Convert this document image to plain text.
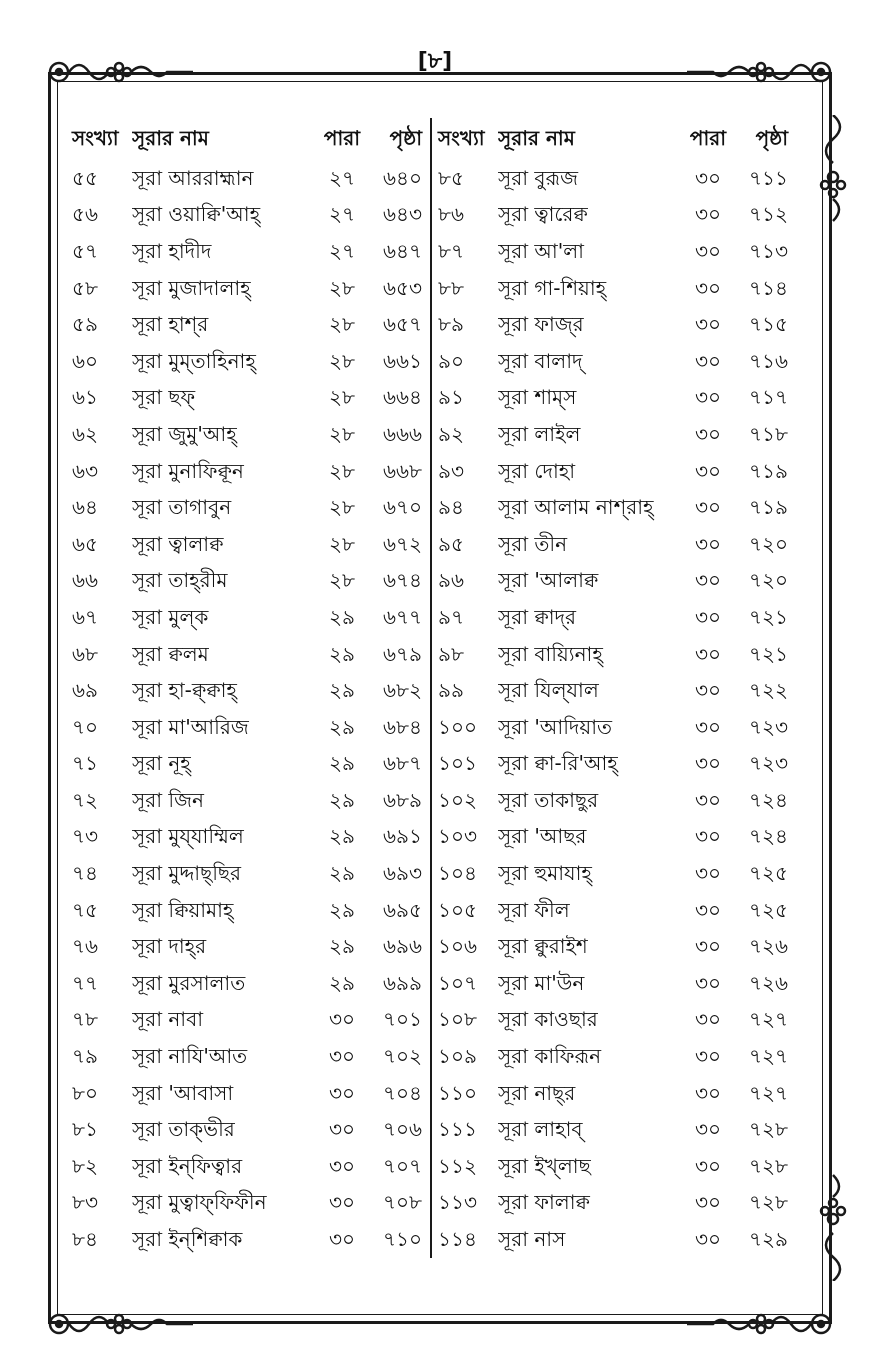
[৮]
সংখ্যা সূরার নাম	পারা	পৃষ্ঠা
৫৫	সূরা আররাহ্মান	২৭	৬৪০
৫৬	সূরা ওয়াক্বি'আহ্	২৭	৬৪৩
৫৭	সূরা হাদীদ	২৭	৬৪৭
৫৮	সূরা মুজাদালাহ্	২৮	৬৫৩
৫৯	সূরা হাশ্‌র	২৮	৬৫৭
৬০	সূরা মুম্‌তাহিনাহ্	২৮	৬৬১
৬১	সূরা ছফ্	২৮	৬৬৪
৬২	সূরা জুমু'আহ্	২৮	৬৬৬
৬৩	সূরা মুনাফিক্বূন	২৮	৬৬৮
৬৪	সূরা তাগাবুন	২৮	৬৭০
৬৫	সূরা ত্বালাক্ব	২৮	৬৭২
৬৬	সূরা তাহ্‌রীম	২৮	৬৭৪
৬৭	সূরা মুল্‌ক	২৯	৬৭৭
৬৮	সূরা ক্বলম	২৯	৬৭৯
৬৯	সূরা হা-ক্ব্‌ক্বাহ্	২৯	৬৮২
৭০	সূরা মা'আরিজ	২৯	৬৮৪
৭১	সূরা নূহ্	২৯	৬৮৭
৭২	সূরা জিন	২৯	৬৮৯
৭৩	সূরা মুয্‌যাম্মিল	২৯	৬৯১
৭৪	সূরা মুদ্দাছ্‌ছির	২৯	৬৯৩
৭৫	সূরা ক্বিয়ামাহ্	২৯	৬৯৫
৭৬	সূরা দাহ্‌র	২৯	৬৯৬
৭৭	সূরা মুরসালাত	২৯	৬৯৯
৭৮	সূরা নাবা	৩০	৭০১
৭৯	সূরা নাযি'আত	৩০	৭০২
৮০	সূরা 'আবাসা	৩০	৭০৪
৮১	সূরা তাক্‌ভীর	৩০	৭০৬
৮২	সূরা ইন্‌ফিত্বার	৩০	৭০৭
৮৩	সূরা মুত্বাফ্‌ফিফীন	৩০	৭০৮
৮৪	সূরা ইন্‌শিক্বাক	৩০	৭১০
সংখ্যা সূরার নাম	পারা	পৃষ্ঠা
৮৫	সূরা বুরূজ	৩০	৭১১
৮৬	সূরা ত্বারেক্ব	৩০	৭১২
৮৭	সূরা আ'লা	৩০	৭১৩
৮৮	সূরা গা-শিয়াহ্	৩০	৭১৪
৮৯	সূরা ফাজ্‌র	৩০	৭১৫
৯০	সূরা বালাদ্	৩০	৭১৬
৯১	সূরা শাম্‌স	৩০	৭১৭
৯২	সূরা লাইল	৩০	৭১৮
৯৩	সূরা দোহা	৩০	৭১৯
৯৪	সূরা আলাম নাশ্‌রাহ্	৩০	৭১৯
৯৫	সূরা তীন	৩০	৭২০
৯৬	সূরা 'আলাক্ব	৩০	৭২০
৯৭	সূরা ক্বাদ্‌র	৩০	৭২১
৯৮	সূরা বায়্যিনাহ্	৩০	৭২১
৯৯	সূরা যিল্‌যাল	৩০	৭২২
১০০	সূরা 'আদিয়াত	৩০	৭২৩
১০১	সূরা ক্বা-রি'আহ্	৩০	৭২৩
১০২	সূরা তাকাছুর	৩০	৭২৪
১০৩	সূরা 'আছর	৩০	৭২৪
১০৪	সূরা হুমাযাহ্	৩০	৭২৫
১০৫	সূরা ফীল	৩০	৭২৫
১০৬	সূরা ক্বুরাইশ	৩০	৭২৬
১০৭	সূরা মা'উন	৩০	৭২৬
১০৮	সূরা কাওছার	৩০	৭২৭
১০৯	সূরা কাফিরূন	৩০	৭২৭
১১০	সূরা নাছ্‌র	৩০	৭২৭
১১১	সূরা লাহাব্	৩০	৭২৮
১১২	সূরা ইখ্‌লাছ	৩০	৭২৮
১১৩	সূরা ফালাক্ব	৩০	৭২৮
১১৪	সূরা নাস	৩০	৭২৯
